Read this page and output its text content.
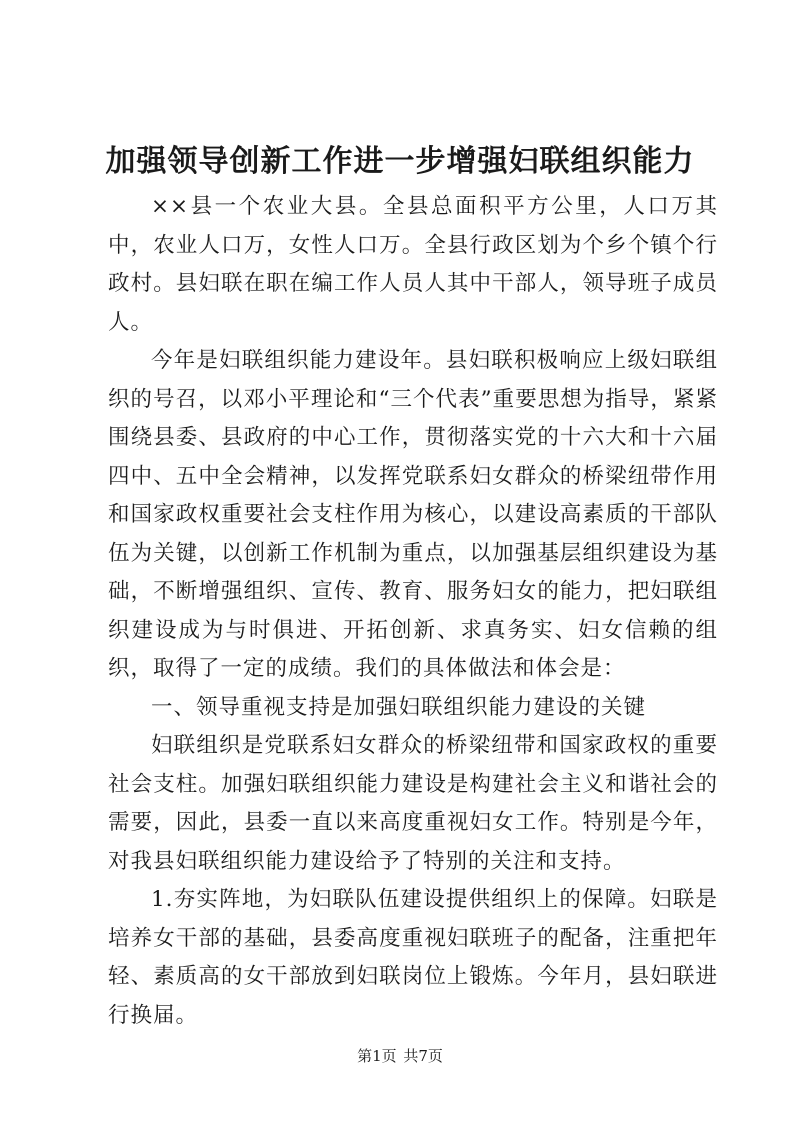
加强领导创新工作进一步增强妇联组织能力

××县一个农业大县。全县总面积平方公里，人口万其中，农业人口万，女性人口万。全县行政区划为个乡个镇个行政村。县妇联在职在编工作人员人其中干部人，领导班子成员人。

今年是妇联组织能力建设年。县妇联积极响应上级妇联组织的号召，以邓小平理论和“三个代表”重要思想为指导，紧紧围绕县委、县政府的中心工作，贯彻落实党的十六大和十六届四中、五中全会精神，以发挥党联系妇女群众的桥梁纽带作用和国家政权重要社会支柱作用为核心，以建设高素质的干部队伍为关键，以创新工作机制为重点，以加强基层组织建设为基础，不断增强组织、宣传、教育、服务妇女的能力，把妇联组织建设成为与时俱进、开拓创新、求真务实、妇女信赖的组织，取得了一定的成绩。我们的具体做法和体会是：

一、领导重视支持是加强妇联组织能力建设的关键

妇联组织是党联系妇女群众的桥梁纽带和国家政权的重要社会支柱。加强妇联组织能力建设是构建社会主义和谐社会的需要，因此，县委一直以来高度重视妇女工作。特别是今年，对我县妇联组织能力建设给予了特别的关注和支持。

1.夯实阵地，为妇联队伍建设提供组织上的保障。妇联是培养女干部的基础，县委高度重视妇联班子的配备，注重把年轻、素质高的女干部放到妇联岗位上锻炼。今年月，县妇联进行换届。

第1页 共7页
